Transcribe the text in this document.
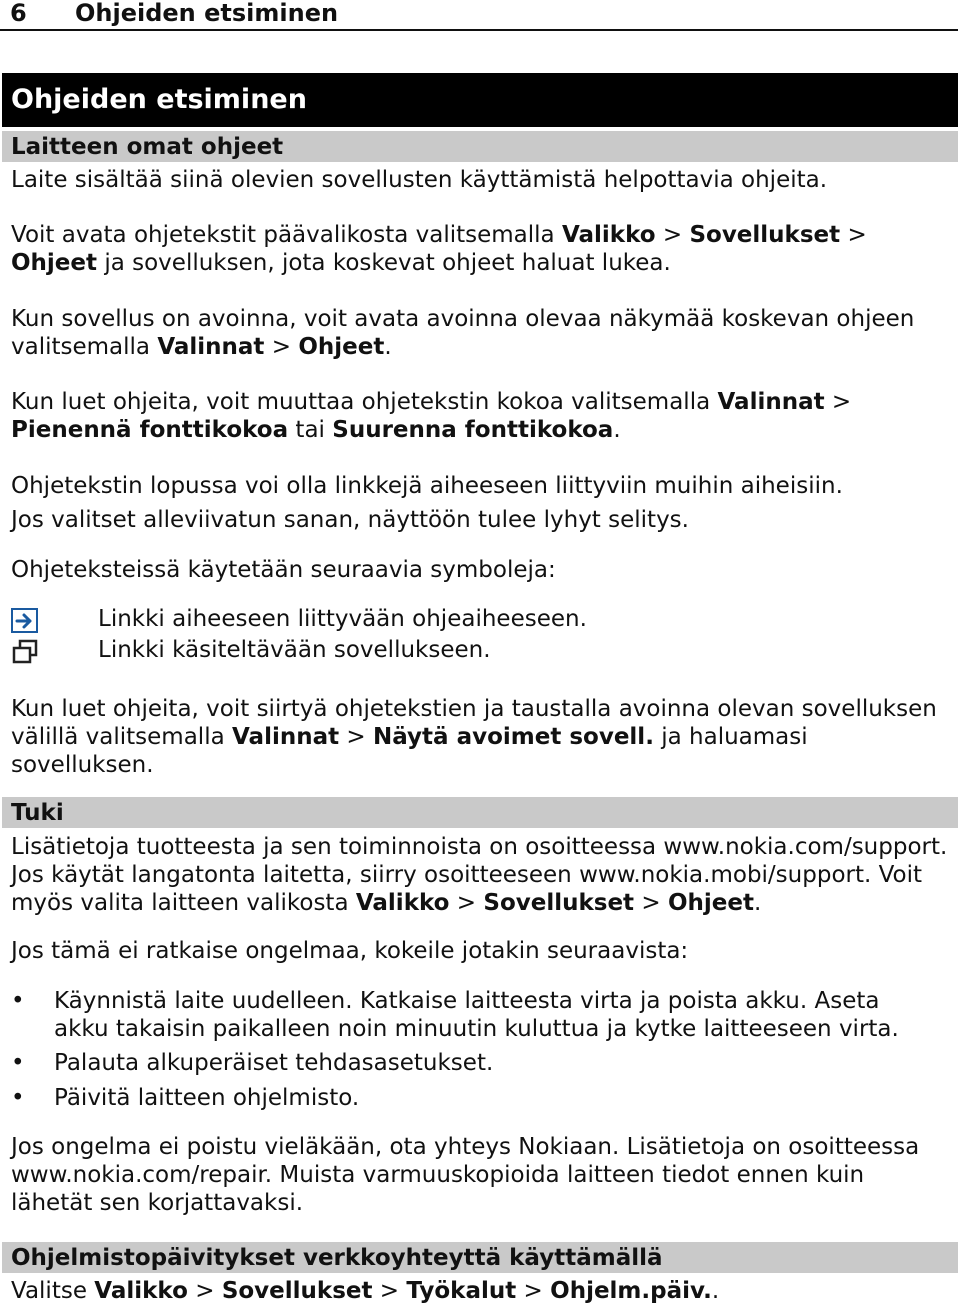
6 Ohjeiden etsiminen
Ohjeiden etsiminen
Laitteen omat ohjeet

Laite sisältää siinä olevien sovellusten käyttämistä helpottavia ohjeita.

Voit avata ohjetekstit päävalikosta valitsemalla Valikko > Sovellukset > Ohjeet ja sovelluksen, jota koskevat ohjeet haluat lukea.

Kun sovellus on avoinna, voit avata avoinna olevaa näkymää koskevan ohjeen valitsemalla Valinnat > Ohjeet.

Kun luet ohjeita, voit muuttaa ohjetekstin kokoa valitsemalla Valinnat > Pienennä fonttikokoa tai Suurenna fonttikokoa.

Ohjetekstin lopussa voi olla linkkejä aiheeseen liittyviin muihin aiheisiin.

Jos valitset alleviivatun sanan, näyttöön tulee lyhyt selitys.

Ohjeteksteissä käytetään seuraavia symboleja:

Linkki aiheeseen liittyvään ohjeaiheeseen.
Linkki käsiteltävään sovellukseen.

Kun luet ohjeita, voit siirtyä ohjetekstien ja taustalla avoinna olevan sovelluksen välillä valitsemalla Valinnat > Näytä avoimet sovell. ja haluamasi sovelluksen.

Tuki

Lisätietoja tuotteesta ja sen toiminnoista on osoitteessa www.nokia.com/support. Jos käytät langatonta laitetta, siirry osoitteeseen www.nokia.mobi/support. Voit myös valita laitteen valikosta Valikko > Sovellukset > Ohjeet.

Jos tämä ei ratkaise ongelmaa, kokeile jotakin seuraavista:

• Käynnistä laite uudelleen. Katkaise laitteesta virta ja poista akku. Aseta akku takaisin paikalleen noin minuutin kuluttua ja kytke laitteeseen virta.
• Palauta alkuperäiset tehdasasetukset.
• Päivitä laitteen ohjelmisto.

Jos ongelma ei poistu vieläkään, ota yhteys Nokiaan. Lisätietoja on osoitteessa www.nokia.com/repair. Muista varmuuskopioida laitteen tiedot ennen kuin lähetät sen korjattavaksi.

Ohjelmistopäivitykset verkkoyhteyttä käyttämällä

Valitse Valikko > Sovellukset > Työkalut > Ohjelm.päiv..
